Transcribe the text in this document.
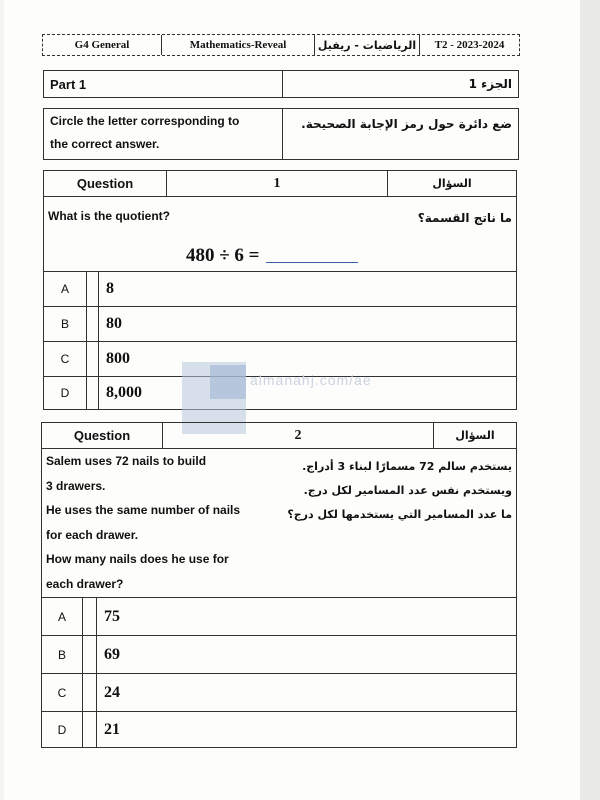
G4 General	Mathematics-Reveal	الرياضيات - ريفيل	T2 - 2023-2024
Part 1	الجزء 1
Circle the letter corresponding to
the correct answer.
ضع دائرة حول رمز الإجابة الصحيحة.
Question	1	السؤال
What is the quotient?	ما ناتج القسمة؟
480 ÷ 6 =
A	8
B	80
C	800
D	8,000
almanahj.com/ae
Question	2	السؤال
Salem uses 72 nails to build
3 drawers.
He uses the same number of nails
for each drawer.
How many nails does he use for
each drawer?
يستخدم سالم 72 مسمارًا لبناء 3 أدراج.
ويستخدم نفس عدد المسامير لكل درج.
ما عدد المسامير التي يستخدمها لكل درج؟
A	75
B	69
C	24
D	21
